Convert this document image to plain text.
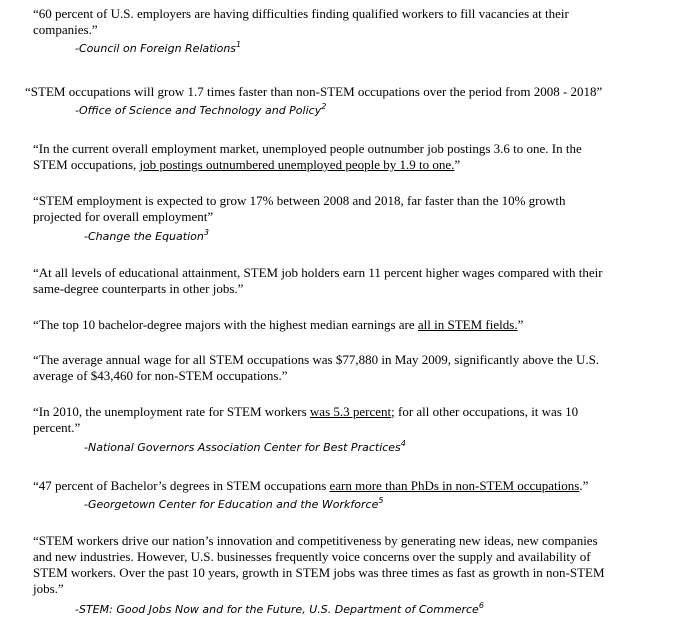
“60 percent of U.S. employers are having difficulties finding qualified workers to fill vacancies at their
companies.”
-Council on Foreign Relations$^1$
“STEM occupations will grow 1.7 times faster than non-STEM occupations over the period from 2008 - 2018”
-Office of Science and Technology and Policy$^2$
“In the current overall employment market, unemployed people outnumber job postings 3.6 to one. In the
STEM occupations, job postings outnumbered unemployed people by 1.9 to one.”
“STEM employment is expected to grow 17% between 2008 and 2018, far faster than the 10% growth
projected for overall employment”
-Change the Equation$^3$
“At all levels of educational attainment, STEM job holders earn 11 percent higher wages compared with their
same-degree counterparts in other jobs.”
“The top 10 bachelor-degree majors with the highest median earnings are all in STEM fields.”
“The average annual wage for all STEM occupations was $77,880 in May 2009, significantly above the U.S.
average of $43,460 for non-STEM occupations.”
“In 2010, the unemployment rate for STEM workers was 5.3 percent; for all other occupations, it was 10
percent.”
-National Governors Association Center for Best Practices$^4$
“47 percent of Bachelor’s degrees in STEM occupations earn more than PhDs in non-STEM occupations.”
-Georgetown Center for Education and the Workforce$^5$
“STEM workers drive our nation’s innovation and competitiveness by generating new ideas, new companies
and new industries. However, U.S. businesses frequently voice concerns over the supply and availability of
STEM workers. Over the past 10 years, growth in STEM jobs was three times as fast as growth in non-STEM
jobs.”
-STEM: Good Jobs Now and for the Future, U.S. Department of Commerce$^6$
